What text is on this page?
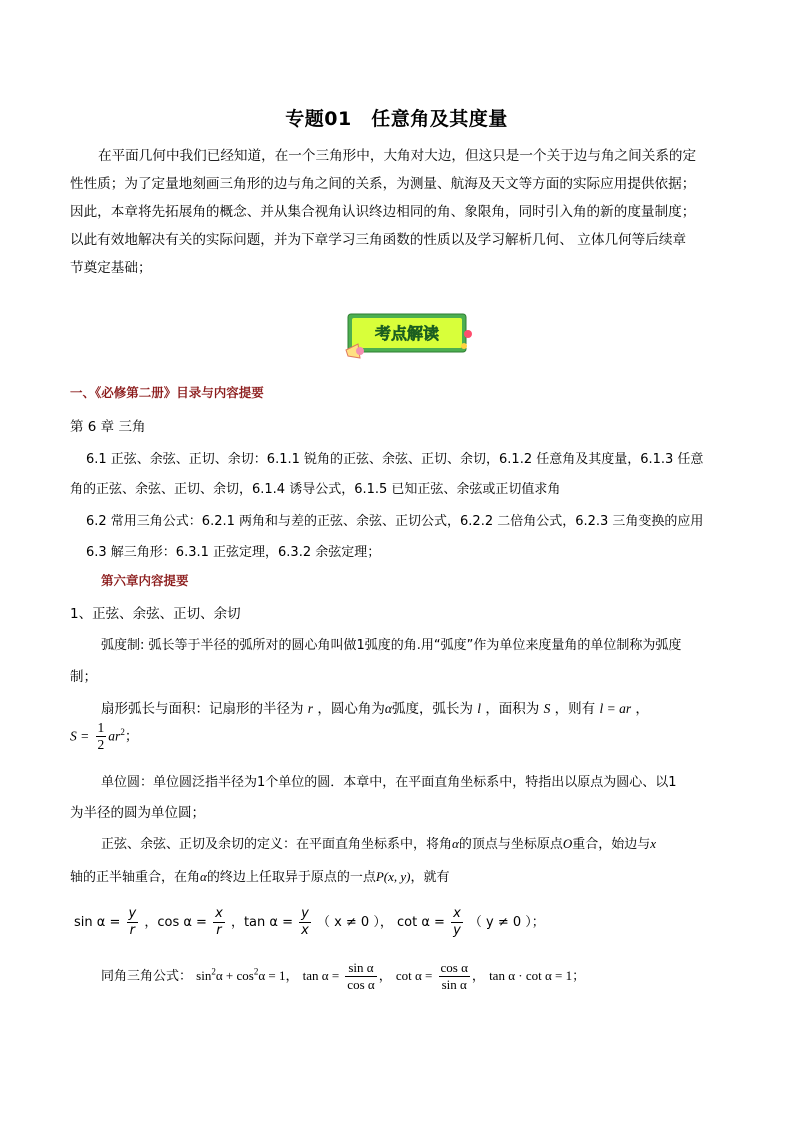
专题01　任意角及其度量
在平面几何中我们已经知道，在一个三角形中，大角对大边，但这只是一个关于边与角之间关系的定
性性质；为了定量地刻画三角形的边与角之间的关系，为测量、航海及天文等方面的实际应用提供依据；
因此，本章将先拓展角的概念、并从集合视角认识终边相同的角、象限角，同时引入角的新的度量制度；
以此有效地解决有关的实际问题，并为下章学习三角函数的性质以及学习解析几何、 立体几何等后续章
节奠定基础；
考点解读
一、《必修第二册》目录与内容提要
第 6 章 三角
6.1 正弦、余弦、正切、余切：6.1.1 锐角的正弦、余弦、正切、余切，6.1.2 任意角及其度量，6.1.3 任意
角的正弦、余弦、正切、余切，6.1.4 诱导公式，6.1.5 已知正弦、余弦或正切值求角
6.2 常用三角公式：6.2.1 两角和与差的正弦、余弦、正切公式，6.2.2 二倍角公式，6.2.3 三角变换的应用
6.3 解三角形：6.3.1 正弦定理，6.3.2 余弦定理；
第六章内容提要
1、正弦、余弦、正切、余切
弧度制: 弧长等于半径的弧所对的圆心角叫做1弧度的角.用“弧度”作为单位来度量角的单位制称为弧度
制；
扇形弧长与面积：记扇形的半径为 r ，圆心角为α弧度，弧长为 l ，面积为 S ，则有 l = ar ，
$S = \frac{1}{2} ar^2$；
单位圆：单位圆泛指半径为1个单位的圆．本章中，在平面直角坐标系中，特指出以原点为圆心、以1
为半径的圆为单位圆；
正弦、余弦、正切及余切的定义：在平面直角坐标系中，将角α的顶点与坐标原点O重合，始边与x
轴的正半轴重合，在角α的终边上任取异于原点的一点P(x, y)，就有
$\sin \alpha = \frac{y}{r}$ ，$\cos \alpha = \frac{x}{r}$ ，$\tan \alpha = \frac{y}{x}$ （ x ≠ 0 ）， $\cot \alpha = \frac{x}{y}$ （ y ≠ 0 ）；
同角三角公式： $\sin^2\alpha + \cos^2\alpha = 1$， $\tan \alpha = \frac{\text{sin α}}{\text{cos α}}$ ， $\cot \alpha = \frac{\text{cos α}}{\text{sin α}}$ ， tan α · cot α = 1；
